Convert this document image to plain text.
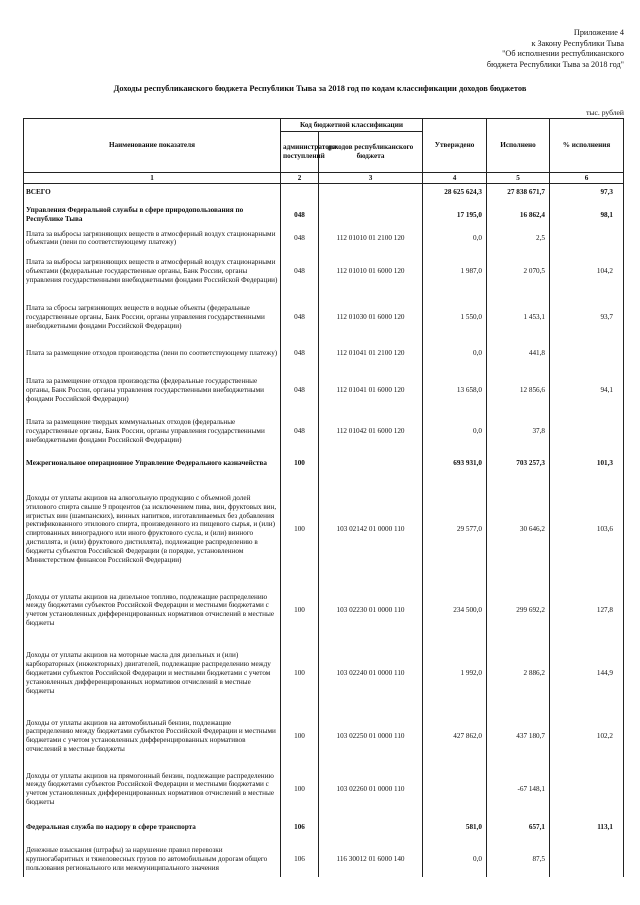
Приложение 4
к Закону Республики Тыва
"Об исполнении республиканского
бюджета Республики Тыва за 2018 год"
Доходы республиканского бюджета Республики Тыва за 2018 год по кодам классификации доходов бюджетов
тыс. рублей
Наименование показателя	Код бюджетной классификации		Утверждено	Исполнено	% исполнения
	администратора поступлений	доходов республиканского бюджета			
1	2	3	4	5	6
ВСЕГО			28 625 624,3	27 838 671,7	97,3
Управления Федеральной службы в сфере природопользования по Республике Тыва	048		17 195,0	16 862,4	98,1
Плата за выбросы загрязняющих веществ в атмосферный воздух стационарными объектами (пени по соответствующему платежу)	048	112 01010 01 2100 120	0,0	2,5	
Плата за выбросы загрязняющих веществ в атмосферный воздух стационарными объектами (федеральные государственные органы, Банк России, органы управления государственными внебюджетными фондами Российской Федерации)	048	112 01010 01 6000 120	1 987,0	2 070,5	104,2
Плата за сбросы загрязняющих веществ в водные объекты (федеральные государственные органы, Банк России, органы управления государственными внебюджетными фондами Российской Федерации)	048	112 01030 01 6000 120	1 550,0	1 453,1	93,7
Плата за размещение отходов производства (пени по соответствующему платежу)	048	112 01041 01 2100 120	0,0	441,8	
Плата за размещение отходов производства (федеральные государственные органы, Банк России, органы управления государственными внебюджетными фондами Российской Федерации)	048	112 01041 01 6000 120	13 658,0	12 856,6	94,1
Плата за размещение твердых коммунальных отходов (федеральные государственные органы, Банк России, органы управления государственными внебюджетными фондами Российской Федерации)	048	112 01042 01 6000 120	0,0	37,8	
Межрегиональное операционное Управление Федерального казначейства	100		693 931,0	703 257,3	101,3
Доходы от уплаты акцизов на алкогольную продукцию с объемной долей этилового спирта свыше 9 процентов (за исключением пива, вин, фруктовых вин, игристых вин (шампанских), винных напитков, изготавливаемых без добавления ректификованного этилового спирта, произведенного из пищевого сырья, и (или) спиртованных виноградного или иного фруктового сусла, и (или) винного дистиллята, и (или) фруктового дистиллята), подлежащие распределению в бюджеты субъектов Российской Федерации (в порядке, установленном Министерством финансов Российской Федерации)	100	103 02142 01 0000 110	29 577,0	30 646,2	103,6
Доходы от уплаты акцизов на дизельное топливо, подлежащие распределению между бюджетами субъектов Российской Федерации и местными бюджетами с учетом установленных дифференцированных нормативов отчислений в местные бюджеты	100	103 02230 01 0000 110	234 500,0	299 692,2	127,8
Доходы от уплаты акцизов на моторные масла для дизельных и (или) карбюраторных (инжекторных) двигателей, подлежащие распределению между бюджетами субъектов Российской Федерации и местными бюджетами с учетом установленных дифференцированных нормативов отчислений в местные бюджеты	100	103 02240 01 0000 110	1 992,0	2 886,2	144,9
Доходы от уплаты акцизов на автомобильный бензин, подлежащие распределению между бюджетами субъектов Российской Федерации и местными бюджетами с учетом установленных дифференцированных нормативов отчислений в местные бюджеты	100	103 02250 01 0000 110	427 862,0	437 180,7	102,2
Доходы от уплаты акцизов на прямогонный бензин, подлежащие распределению между бюджетами субъектов Российской Федерации и местными бюджетами с учетом установленных дифференцированных нормативов отчислений в местные бюджеты	100	103 02260 01 0000 110		-67 148,1	
Федеральная служба по надзору в сфере транспорта	106		581,0	657,1	113,1
Денежные взыскания (штрафы) за нарушение правил перевозки крупногабаритных и тяжеловесных грузов по автомобильным дорогам общего пользования регионального или межмуниципального значения	106	116 30012 01 6000 140	0,0	87,5	
